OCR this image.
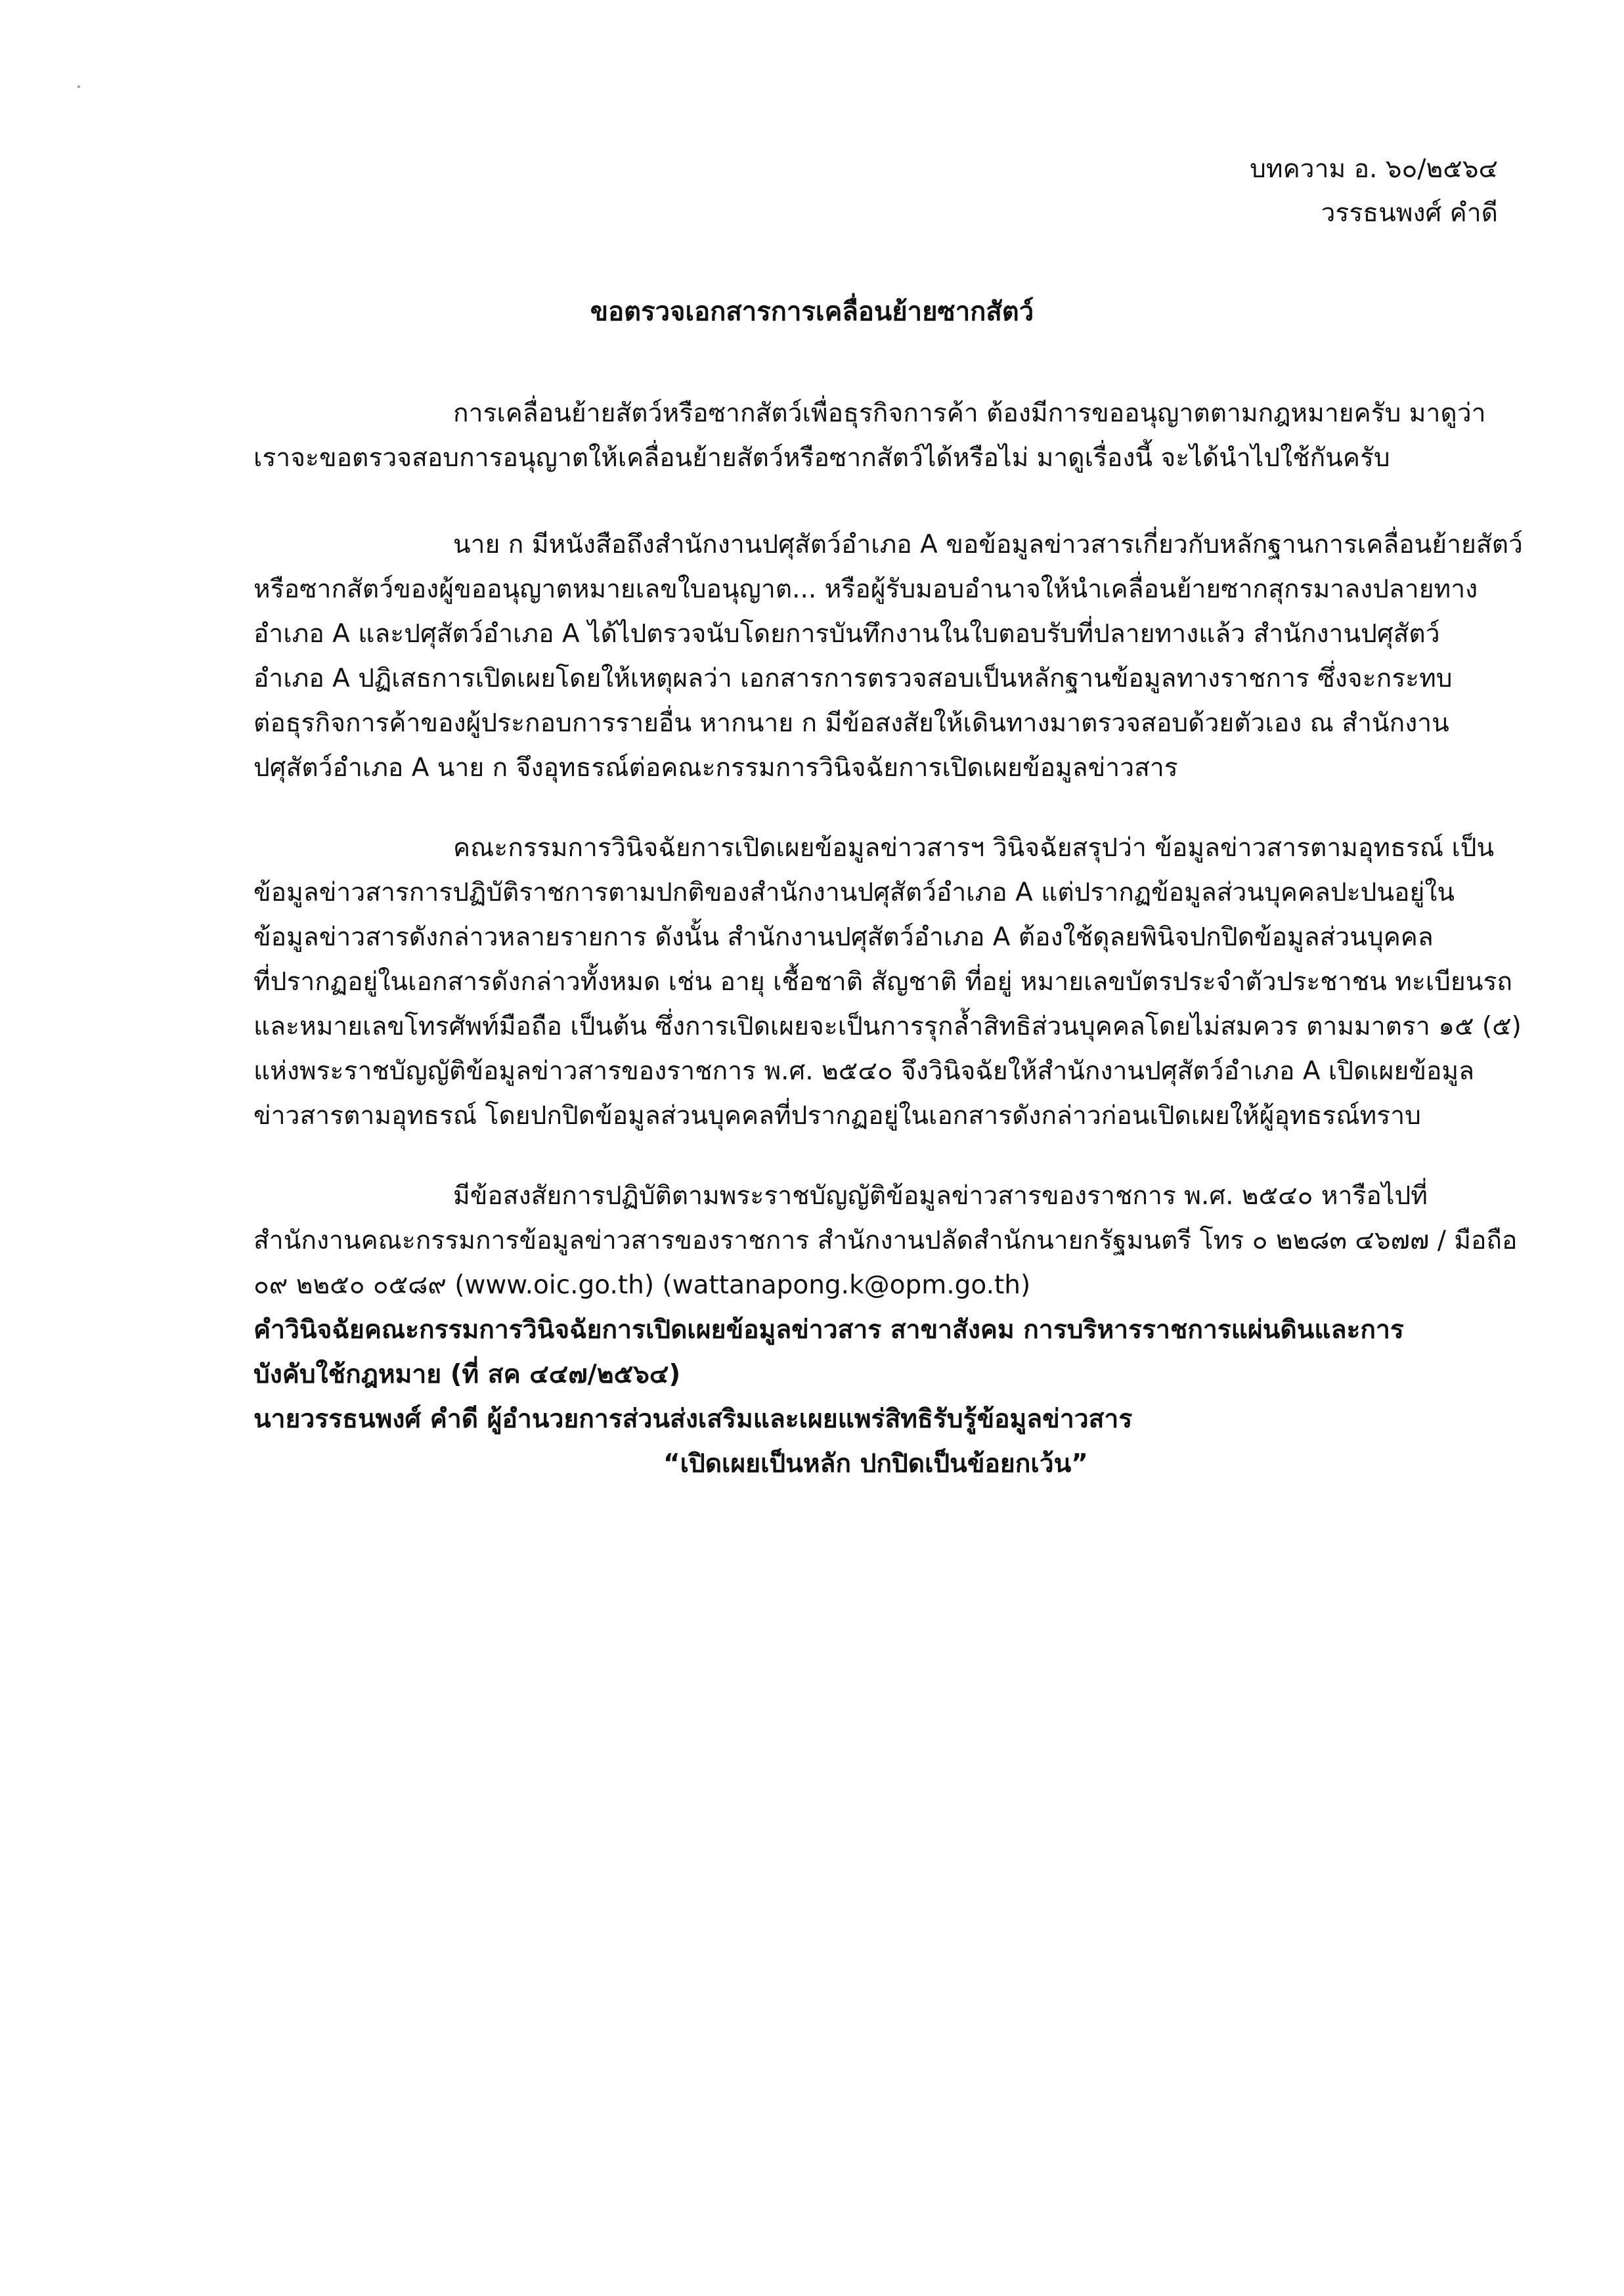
บทความ อ. ๖๐/๒๕๖๔
วรรธนพงศ์ คำดี
ขอตรวจเอกสารการเคลื่อนย้ายซากสัตว์
การเคลื่อนย้ายสัตว์หรือซากสัตว์เพื่อธุรกิจการค้า ต้องมีการขออนุญาตตามกฎหมายครับ มาดูว่า
เราจะขอตรวจสอบการอนุญาตให้เคลื่อนย้ายสัตว์หรือซากสัตว์ได้หรือไม่ มาดูเรื่องนี้ จะได้นำไปใช้กันครับ
นาย ก มีหนังสือถึงสำนักงานปศุสัตว์อำเภอ A ขอข้อมูลข่าวสารเกี่ยวกับหลักฐานการเคลื่อนย้ายสัตว์
หรือซากสัตว์ของผู้ขออนุญาตหมายเลขใบอนุญาต... หรือผู้รับมอบอำนาจให้นำเคลื่อนย้ายซากสุกรมาลงปลายทาง
อำเภอ A และปศุสัตว์อำเภอ A ได้ไปตรวจนับโดยการบันทึกงานในใบตอบรับที่ปลายทางแล้ว สำนักงานปศุสัตว์
อำเภอ A ปฏิเสธการเปิดเผยโดยให้เหตุผลว่า เอกสารการตรวจสอบเป็นหลักฐานข้อมูลทางราชการ ซึ่งจะกระทบ
ต่อธุรกิจการค้าของผู้ประกอบการรายอื่น หากนาย ก มีข้อสงสัยให้เดินทางมาตรวจสอบด้วยตัวเอง ณ สำนักงาน
ปศุสัตว์อำเภอ A นาย ก จึงอุทธรณ์ต่อคณะกรรมการวินิจฉัยการเปิดเผยข้อมูลข่าวสาร
คณะกรรมการวินิจฉัยการเปิดเผยข้อมูลข่าวสารฯ วินิจฉัยสรุปว่า ข้อมูลข่าวสารตามอุทธรณ์ เป็น
ข้อมูลข่าวสารการปฏิบัติราชการตามปกติของสำนักงานปศุสัตว์อำเภอ A แต่ปรากฏข้อมูลส่วนบุคคลปะปนอยู่ใน
ข้อมูลข่าวสารดังกล่าวหลายรายการ ดังนั้น สำนักงานปศุสัตว์อำเภอ A ต้องใช้ดุลยพินิจปกปิดข้อมูลส่วนบุคคล
ที่ปรากฏอยู่ในเอกสารดังกล่าวทั้งหมด เช่น อายุ เชื้อชาติ สัญชาติ ที่อยู่ หมายเลขบัตรประจำตัวประชาชน ทะเบียนรถ
และหมายเลขโทรศัพท์มือถือ เป็นต้น ซึ่งการเปิดเผยจะเป็นการรุกล้ำสิทธิส่วนบุคคลโดยไม่สมควร ตามมาตรา ๑๕ (๕)
แห่งพระราชบัญญัติข้อมูลข่าวสารของราชการ พ.ศ. ๒๕๔๐ จึงวินิจฉัยให้สำนักงานปศุสัตว์อำเภอ A เปิดเผยข้อมูล
ข่าวสารตามอุทธรณ์ โดยปกปิดข้อมูลส่วนบุคคลที่ปรากฏอยู่ในเอกสารดังกล่าวก่อนเปิดเผยให้ผู้อุทธรณ์ทราบ
มีข้อสงสัยการปฏิบัติตามพระราชบัญญัติข้อมูลข่าวสารของราชการ พ.ศ. ๒๕๔๐ หารือไปที่
สำนักงานคณะกรรมการข้อมูลข่าวสารของราชการ สำนักงานปลัดสำนักนายกรัฐมนตรี โทร ๐ ๒๒๘๓ ๔๖๗๗ / มือถือ
๐๙ ๒๒๕๐ ๐๕๘๙ (www.oic.go.th) (wattanapong.k@opm.go.th)
คำวินิจฉัยคณะกรรมการวินิจฉัยการเปิดเผยข้อมูลข่าวสาร สาขาสังคม การบริหารราชการแผ่นดินและการ
บังคับใช้กฎหมาย (ที่ สค ๔๔๗/๒๕๖๔)
นายวรรธนพงศ์ คำดี ผู้อำนวยการส่วนส่งเสริมและเผยแพร่สิทธิรับรู้ข้อมูลข่าวสาร
“เปิดเผยเป็นหลัก ปกปิดเป็นข้อยกเว้น”
